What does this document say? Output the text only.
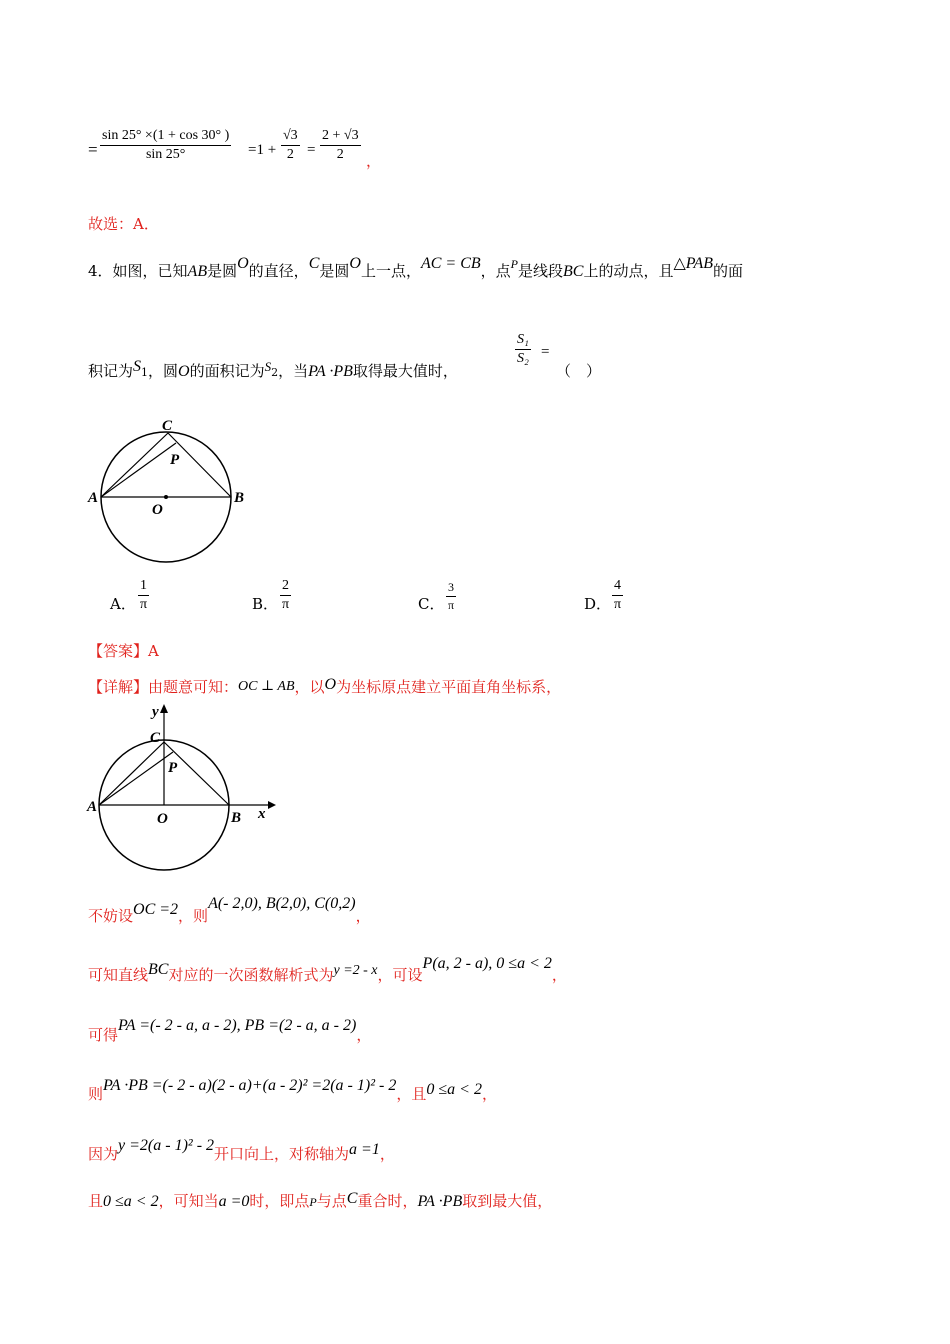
=
sin 25° ×(1 + cos 30° )
sin 25°	=1 +
√3
2 =
2 + √3
2 ，
故选：A．
4．如图，已知AB是圆O的直径，C是圆O上一点，AC = CB，点$^P$是线段BC上的动点，且△PAB的面
积记为S1，圆O的面积记为S2，当PA ·PB取得最大值时，
S₁
S₂ =
（　）
C
P
A	B
O
A．
1
π	B．
2
π	C．
3
π	D．
4
π
【答案】A
【详解】由题意可知：OC ⊥ AB，以O为坐标原点建立平面直角坐标系，
y
C
P
A
O	B x
不妨设OC =2，则A(- 2,0), B(2,0), C(0,2)，
可知直线BC对应的一次函数解析式为y =2 - x，可设P(a, 2 - a), 0 ≤a < 2，
可得PA =(- 2 - a, a - 2), PB =(2 - a, a - 2)，
则PA ·PB =(- 2 - a)(2 - a)+(a - 2)² =2(a - 1)² - 2，且0 ≤a < 2，
因为y =2(a - 1)² - 2开口向上，对称轴为a =1，
且0 ≤a < 2，可知当a =0时，即点P与点C重合时，PA ·PB取到最大值，
